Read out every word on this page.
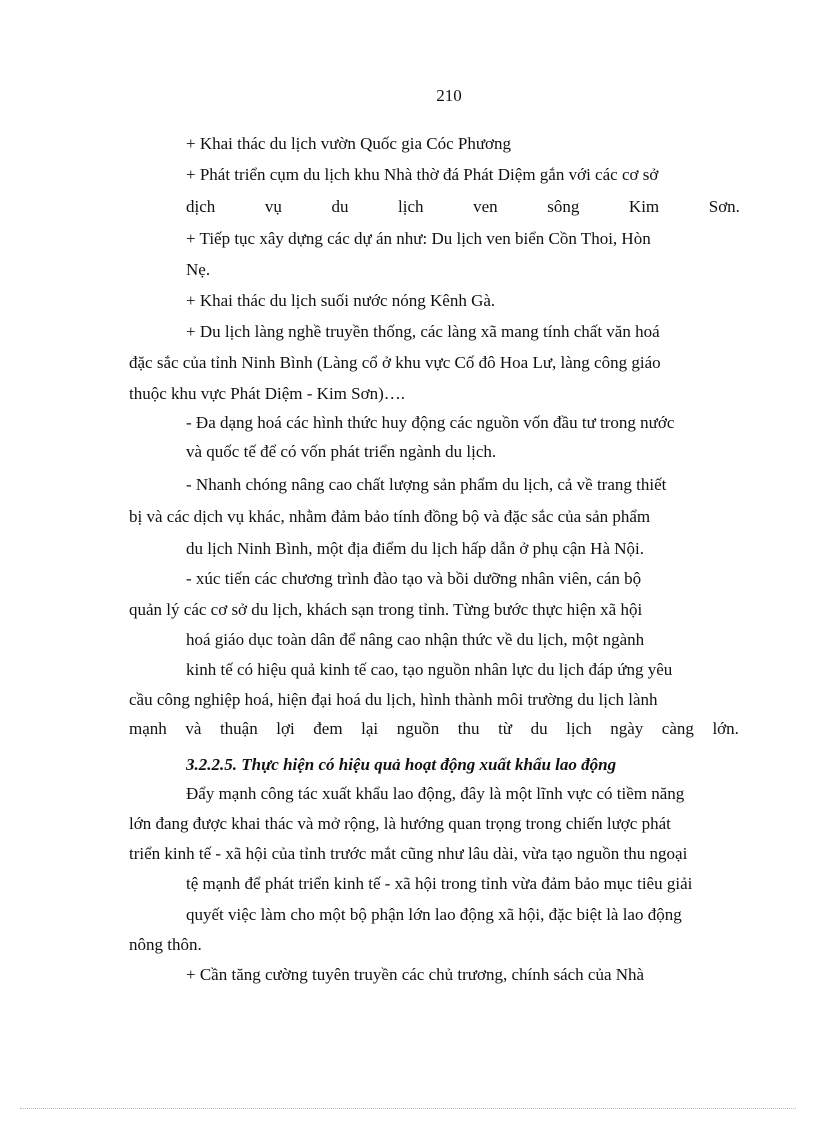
210
+ Khai thác du lịch vườn Quốc gia Cóc Phương
+ Phát triển cụm du lịch khu Nhà thờ đá Phát Diệm gắn với các cơ sở
dịch	vụ	du	lịch	ven	sông	Kim	Sơn.
+ Tiếp tục xây dựng các dự án như: Du lịch ven biển Cồn Thoi, Hòn
Nẹ.
+ Khai thác du lịch suối nước nóng Kênh Gà.
+ Du lịch làng nghề truyền thống, các làng xã mang tính chất văn hoá
đặc sắc của tỉnh Ninh Bình (Làng cổ ở khu vực Cố đô Hoa Lư, làng công giáo
thuộc khu vực Phát Diệm - Kim Sơn)….
- Đa dạng hoá các hình thức huy động các nguồn vốn đầu tư trong nước
và quốc tế để có vốn phát triển ngành du lịch.
- Nhanh chóng nâng cao chất lượng sản phẩm du lịch, cả về trang thiết
bị và các dịch vụ khác, nhằm đảm bảo tính đồng bộ và đặc sắc của sản phẩm
du lịch Ninh Bình, một địa điểm du lịch hấp dẫn ở phụ cận Hà Nội.
- xúc tiến các chương trình đào tạo và bồi dưỡng nhân viên, cán bộ
quản lý các cơ sở du lịch, khách sạn trong tỉnh. Từng bước thực hiện xã hội
hoá giáo dục toàn dân để nâng cao nhận thức về du lịch, một ngành
kinh tế có hiệu quả kinh tế cao, tạo nguồn nhân lực du lịch đáp ứng yêu
cầu công nghiệp hoá, hiện đại hoá du lịch, hình thành môi trường du lịch lành
mạnh và thuận lợi đem lại nguồn thu từ du lịch ngày càng lớn.
3.2.2.5. Thực hiện có hiệu quả hoạt động xuất khẩu lao động
Đẩy mạnh công tác xuất khẩu lao động, đây là một lĩnh vực có tiềm năng
lớn đang được khai thác và mở rộng, là hướng quan trọng trong chiến lược phát
triển kinh tế - xã hội của tỉnh trước mắt cũng như lâu dài, vừa tạo nguồn thu ngoại
tệ mạnh để phát triển kinh tế - xã hội trong tỉnh vừa đảm bảo mục tiêu giải
quyết việc làm cho một bộ phận lớn lao động xã hội, đặc biệt là lao động
nông thôn.
+ Cần tăng cường tuyên truyền các chủ trương, chính sách của Nhà
